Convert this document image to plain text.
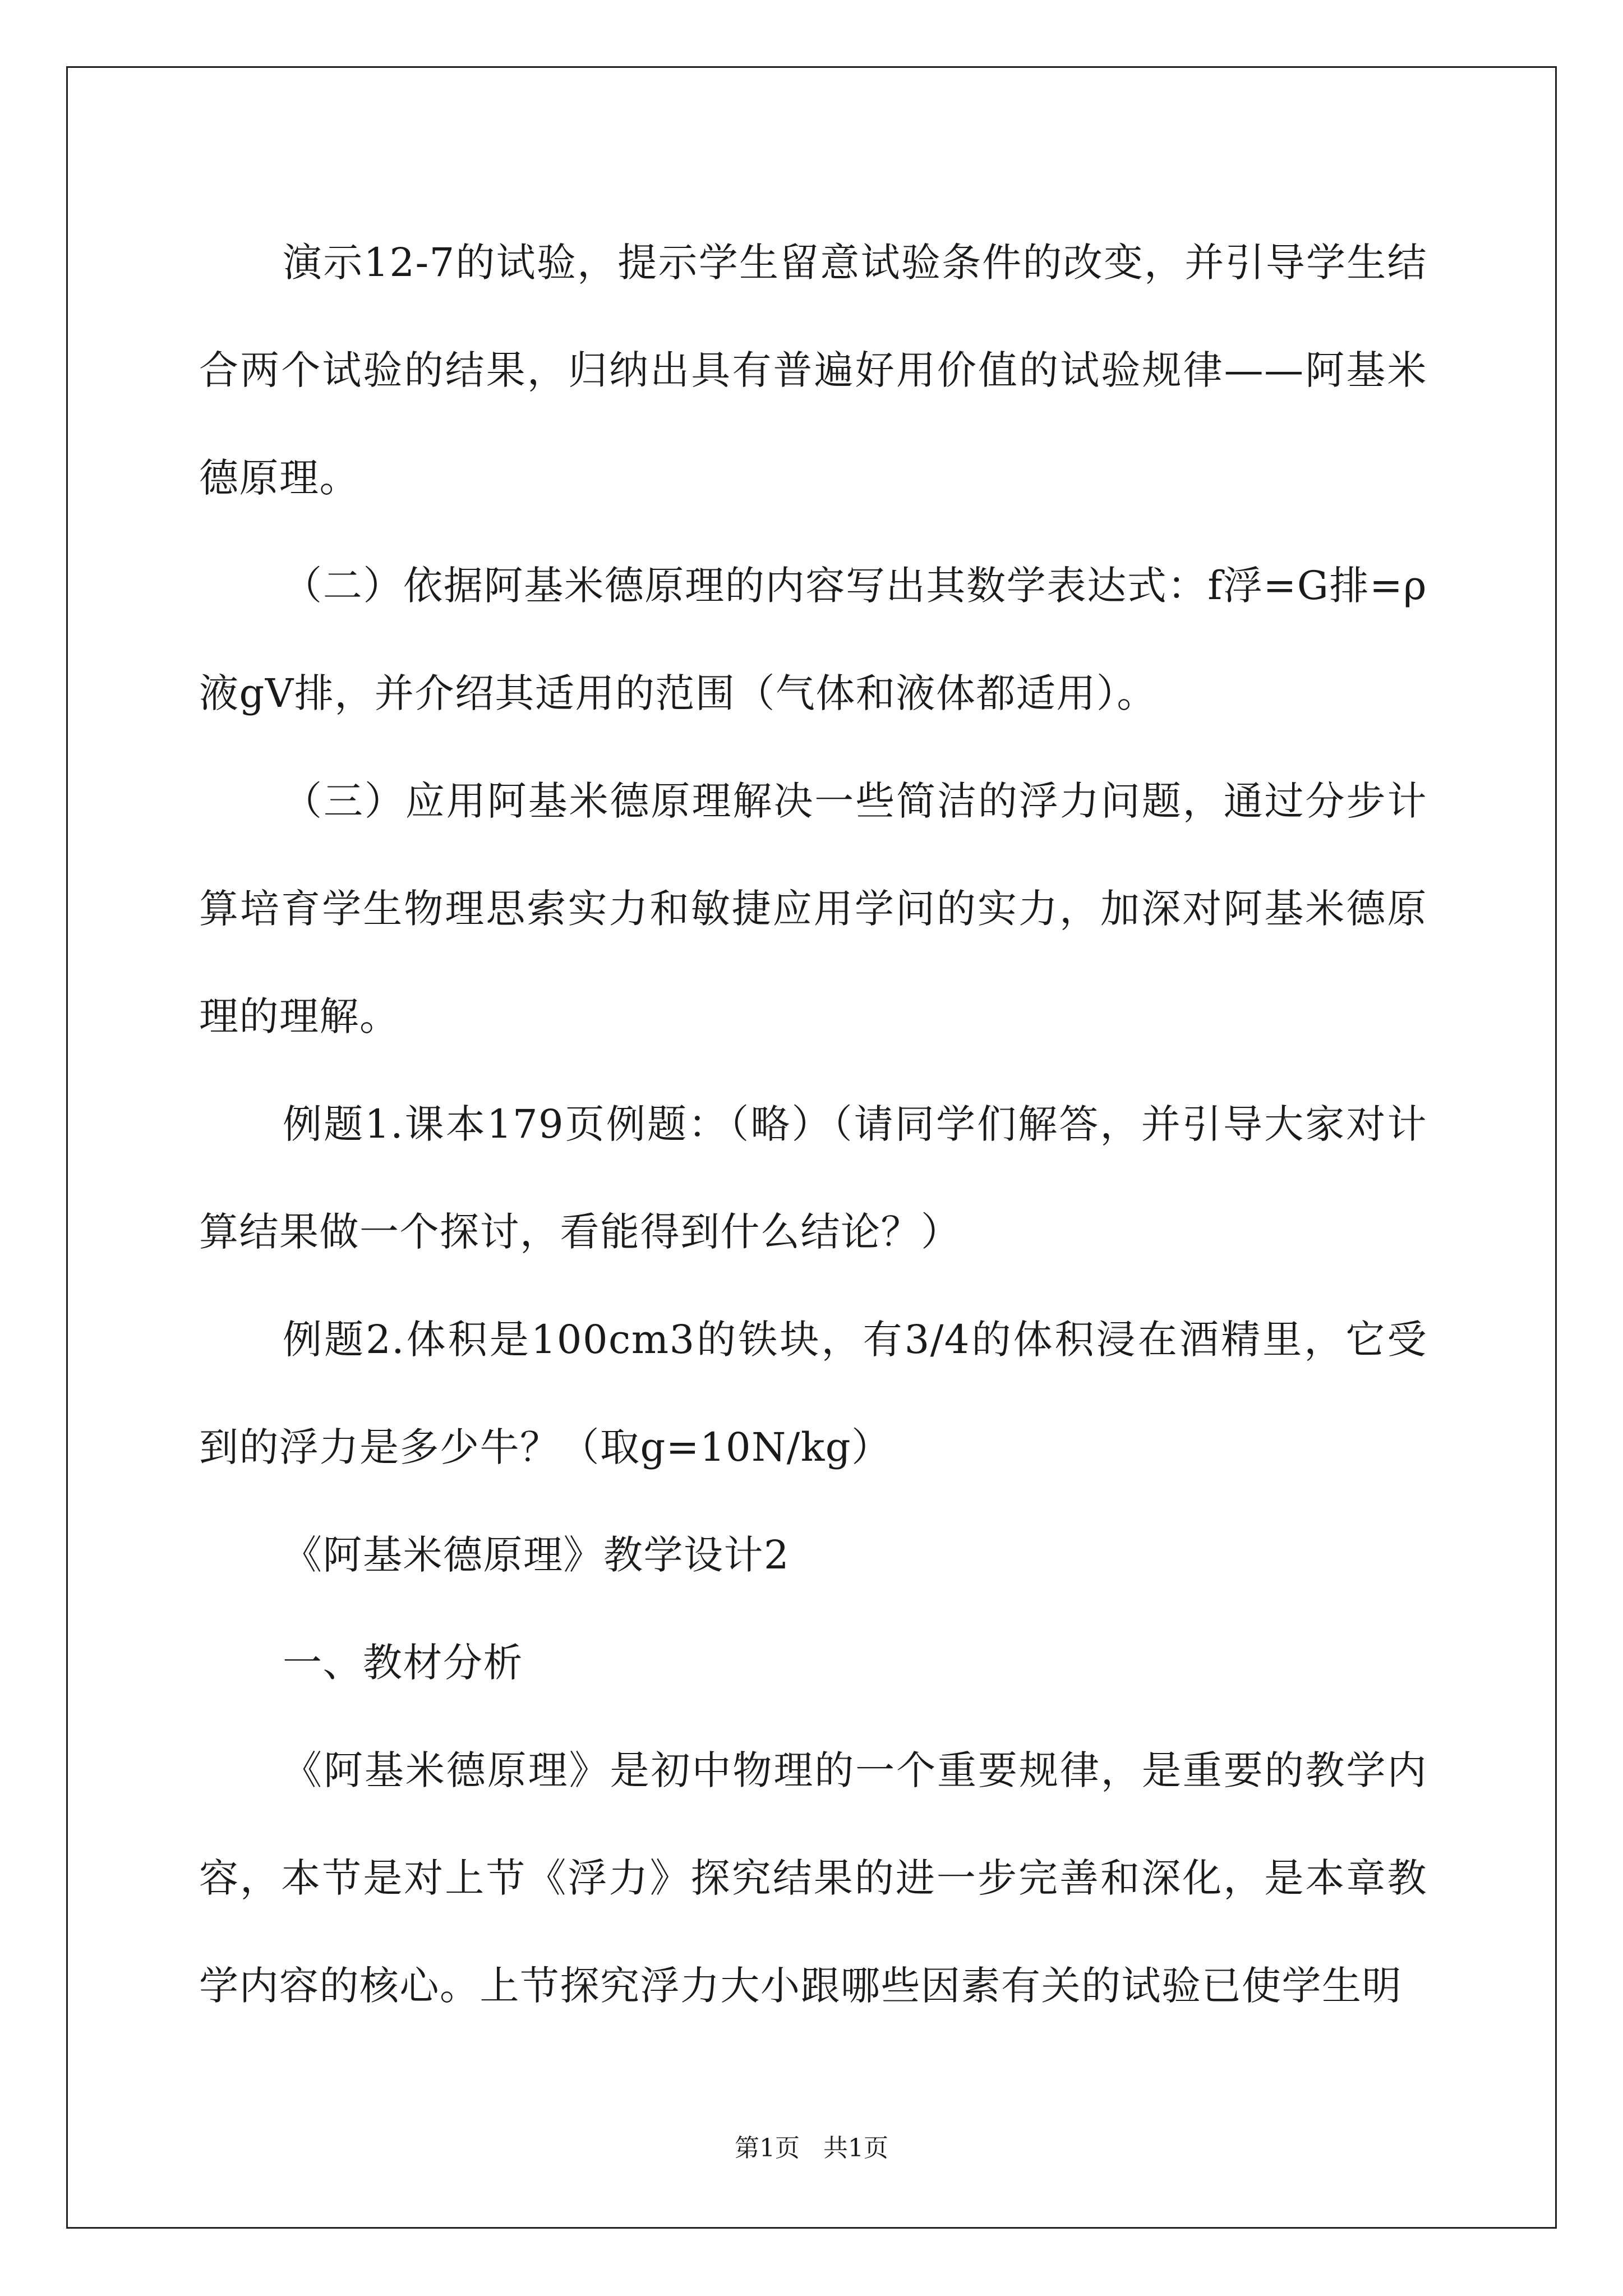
演示12-7的试验，提示学生留意试验条件的改变，并引导学生结合两个试验的结果，归纳出具有普遍好用价值的试验规律——阿基米德原理。

（二）依据阿基米德原理的内容写出其数学表达式：f浮=G排=ρ液gV排，并介绍其适用的范围（气体和液体都适用）。

（三）应用阿基米德原理解决一些简洁的浮力问题，通过分步计算培育学生物理思索实力和敏捷应用学问的实力，加深对阿基米德原理的理解。

例题1.课本179页例题：（略）（请同学们解答，并引导大家对计算结果做一个探讨，看能得到什么结论？）

例题2.体积是100cm3的铁块，有3/4的体积浸在酒精里，它受到的浮力是多少牛？（取g=10N/kg）

《阿基米德原理》教学设计2

一、教材分析

《阿基米德原理》是初中物理的一个重要规律，是重要的教学内容，本节是对上节《浮力》探究结果的进一步完善和深化，是本章教学内容的核心。上节探究浮力大小跟哪些因素有关的试验已使学生明

第1页 共1页
